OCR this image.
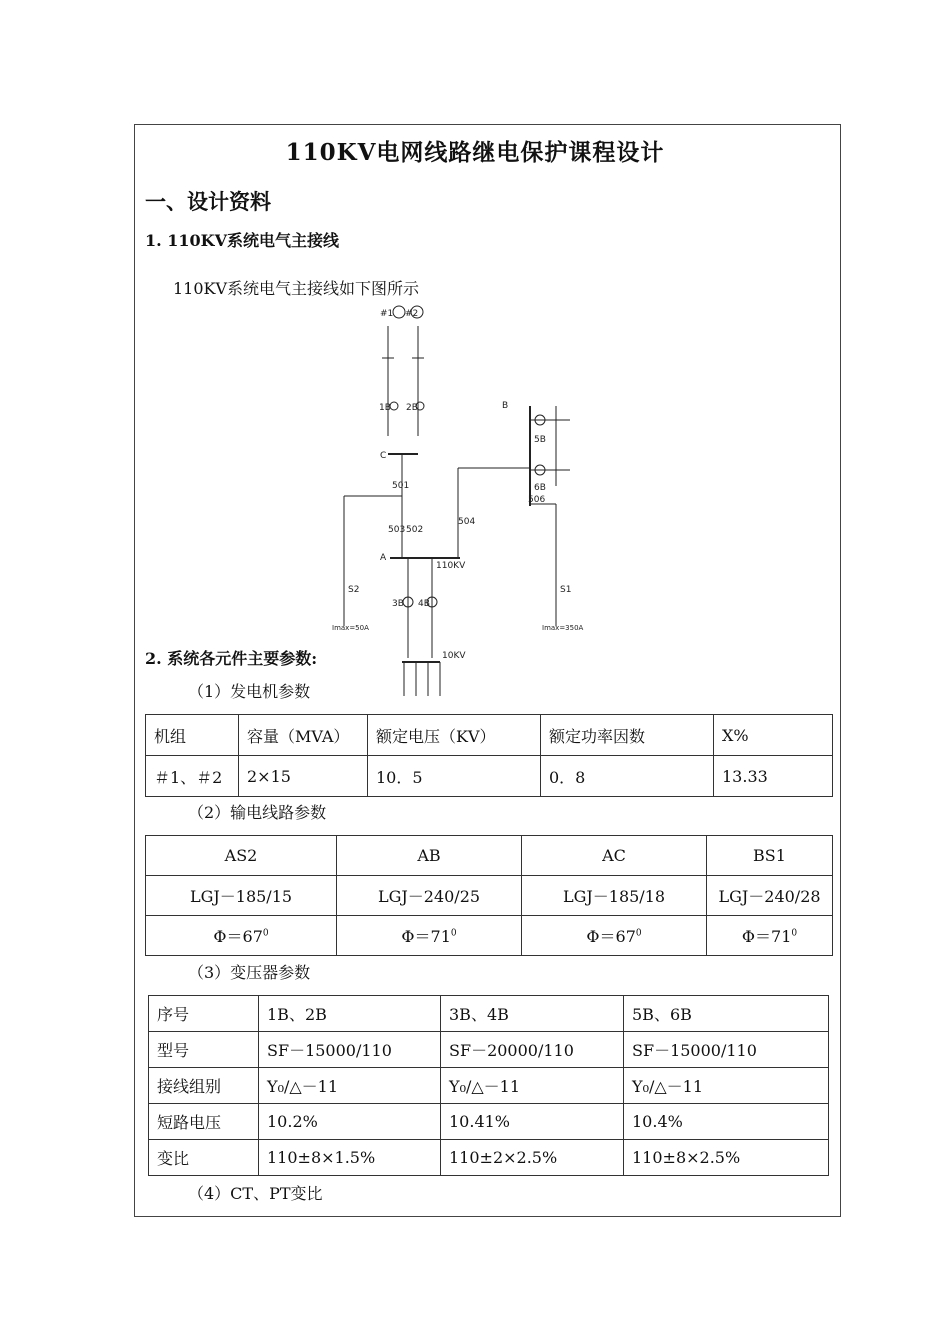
110KV电网线路继电保护课程设计
一、设计资料
1. 110KV系统电气主接线
110KV系统电气主接线如下图所示
#1 #2
1B 2B
C
501
503 502
504
A
110KV
B
506
5B
6B
3B 4B
10KV
S2	S1
Imax=50A	Imax=350A
2. 系统各元件主要参数:
（1）发电机参数
机组	容量（MVA）	额定电压（KV）	额定功率因数	X%
＃1、＃2	2×15	10．5	0．8	13.33
（2）输电线路参数
AS2	AB	AC	BS1
LGJ－185/15	LGJ－240/25	LGJ－185/18	LGJ－240/28
$\Phi=67^0$	$\Phi=71^0$	$\Phi=67^0$	$\Phi=71^0$
（3）变压器参数
序号	1B、2B	3B、4B	5B、6B
型号	SF－15000/110	SF－20000/110	SF－15000/110
接线组别	Y₀/△－11	Y₀/△－11	Y₀/△－11
短路电压	10.2%	10.41%	10.4%
变比	110±8×1.5%	110±2×2.5%	110±8×2.5%
（4）CT、PT变比
